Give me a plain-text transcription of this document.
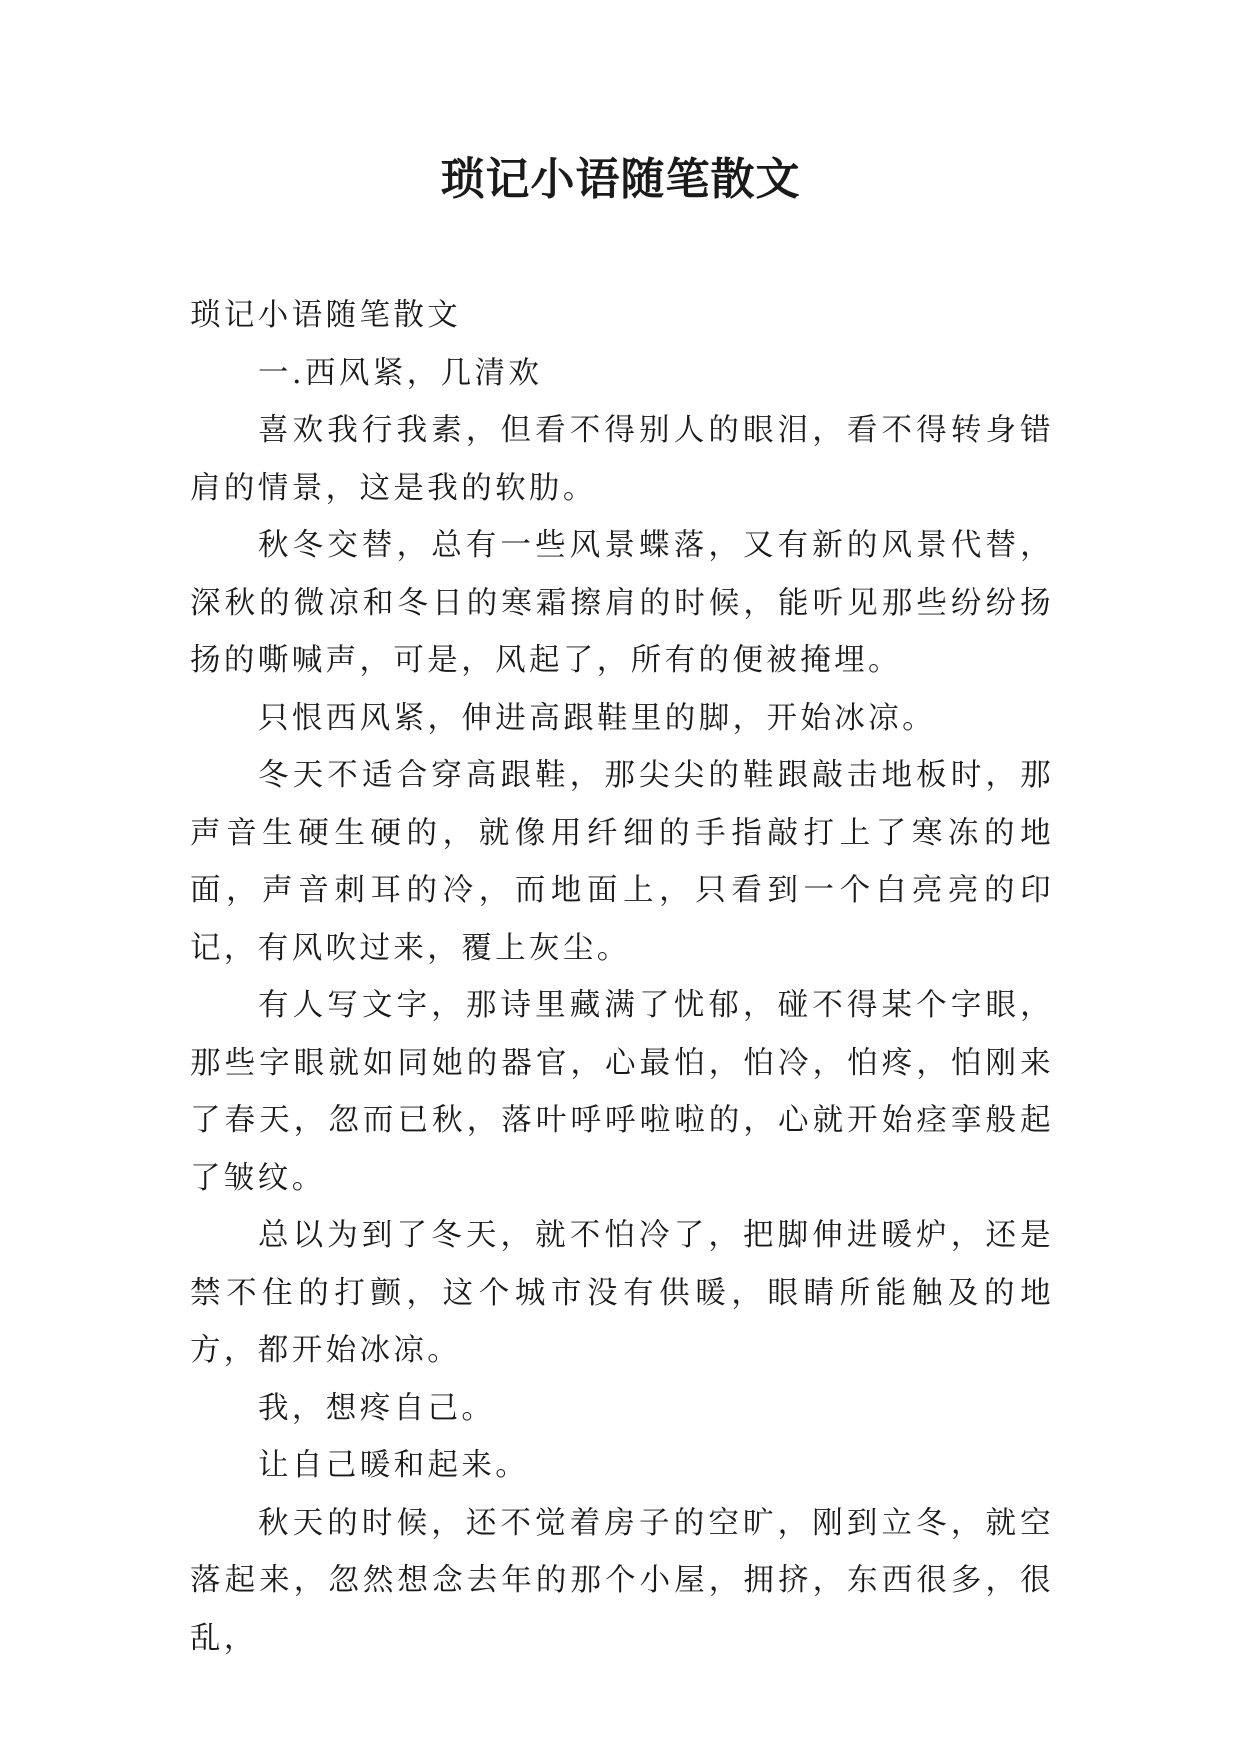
琐记小语随笔散文

琐记小语随笔散文

一.西风紧，几清欢

喜欢我行我素，但看不得别人的眼泪，看不得转身错肩的情景，这是我的软肋。

秋冬交替，总有一些风景蝶落，又有新的风景代替，深秋的微凉和冬日的寒霜擦肩的时候，能听见那些纷纷扬扬的嘶喊声，可是，风起了，所有的便被掩埋。

只恨西风紧，伸进高跟鞋里的脚，开始冰凉。

冬天不适合穿高跟鞋，那尖尖的鞋跟敲击地板时，那声音生硬生硬的，就像用纤细的手指敲打上了寒冻的地面，声音刺耳的冷，而地面上，只看到一个白亮亮的印记，有风吹过来，覆上灰尘。

有人写文字，那诗里藏满了忧郁，碰不得某个字眼，那些字眼就如同她的器官，心最怕，怕冷，怕疼，怕刚来了春天，忽而已秋，落叶呼呼啦啦的，心就开始痉挛般起了皱纹。

总以为到了冬天，就不怕冷了，把脚伸进暖炉，还是禁不住的打颤，这个城市没有供暖，眼睛所能触及的地方，都开始冰凉。

我，想疼自己。

让自己暖和起来。

秋天的时候，还不觉着房子的空旷，刚到立冬，就空落起来，忽然想念去年的那个小屋，拥挤，东西很多，很乱，
